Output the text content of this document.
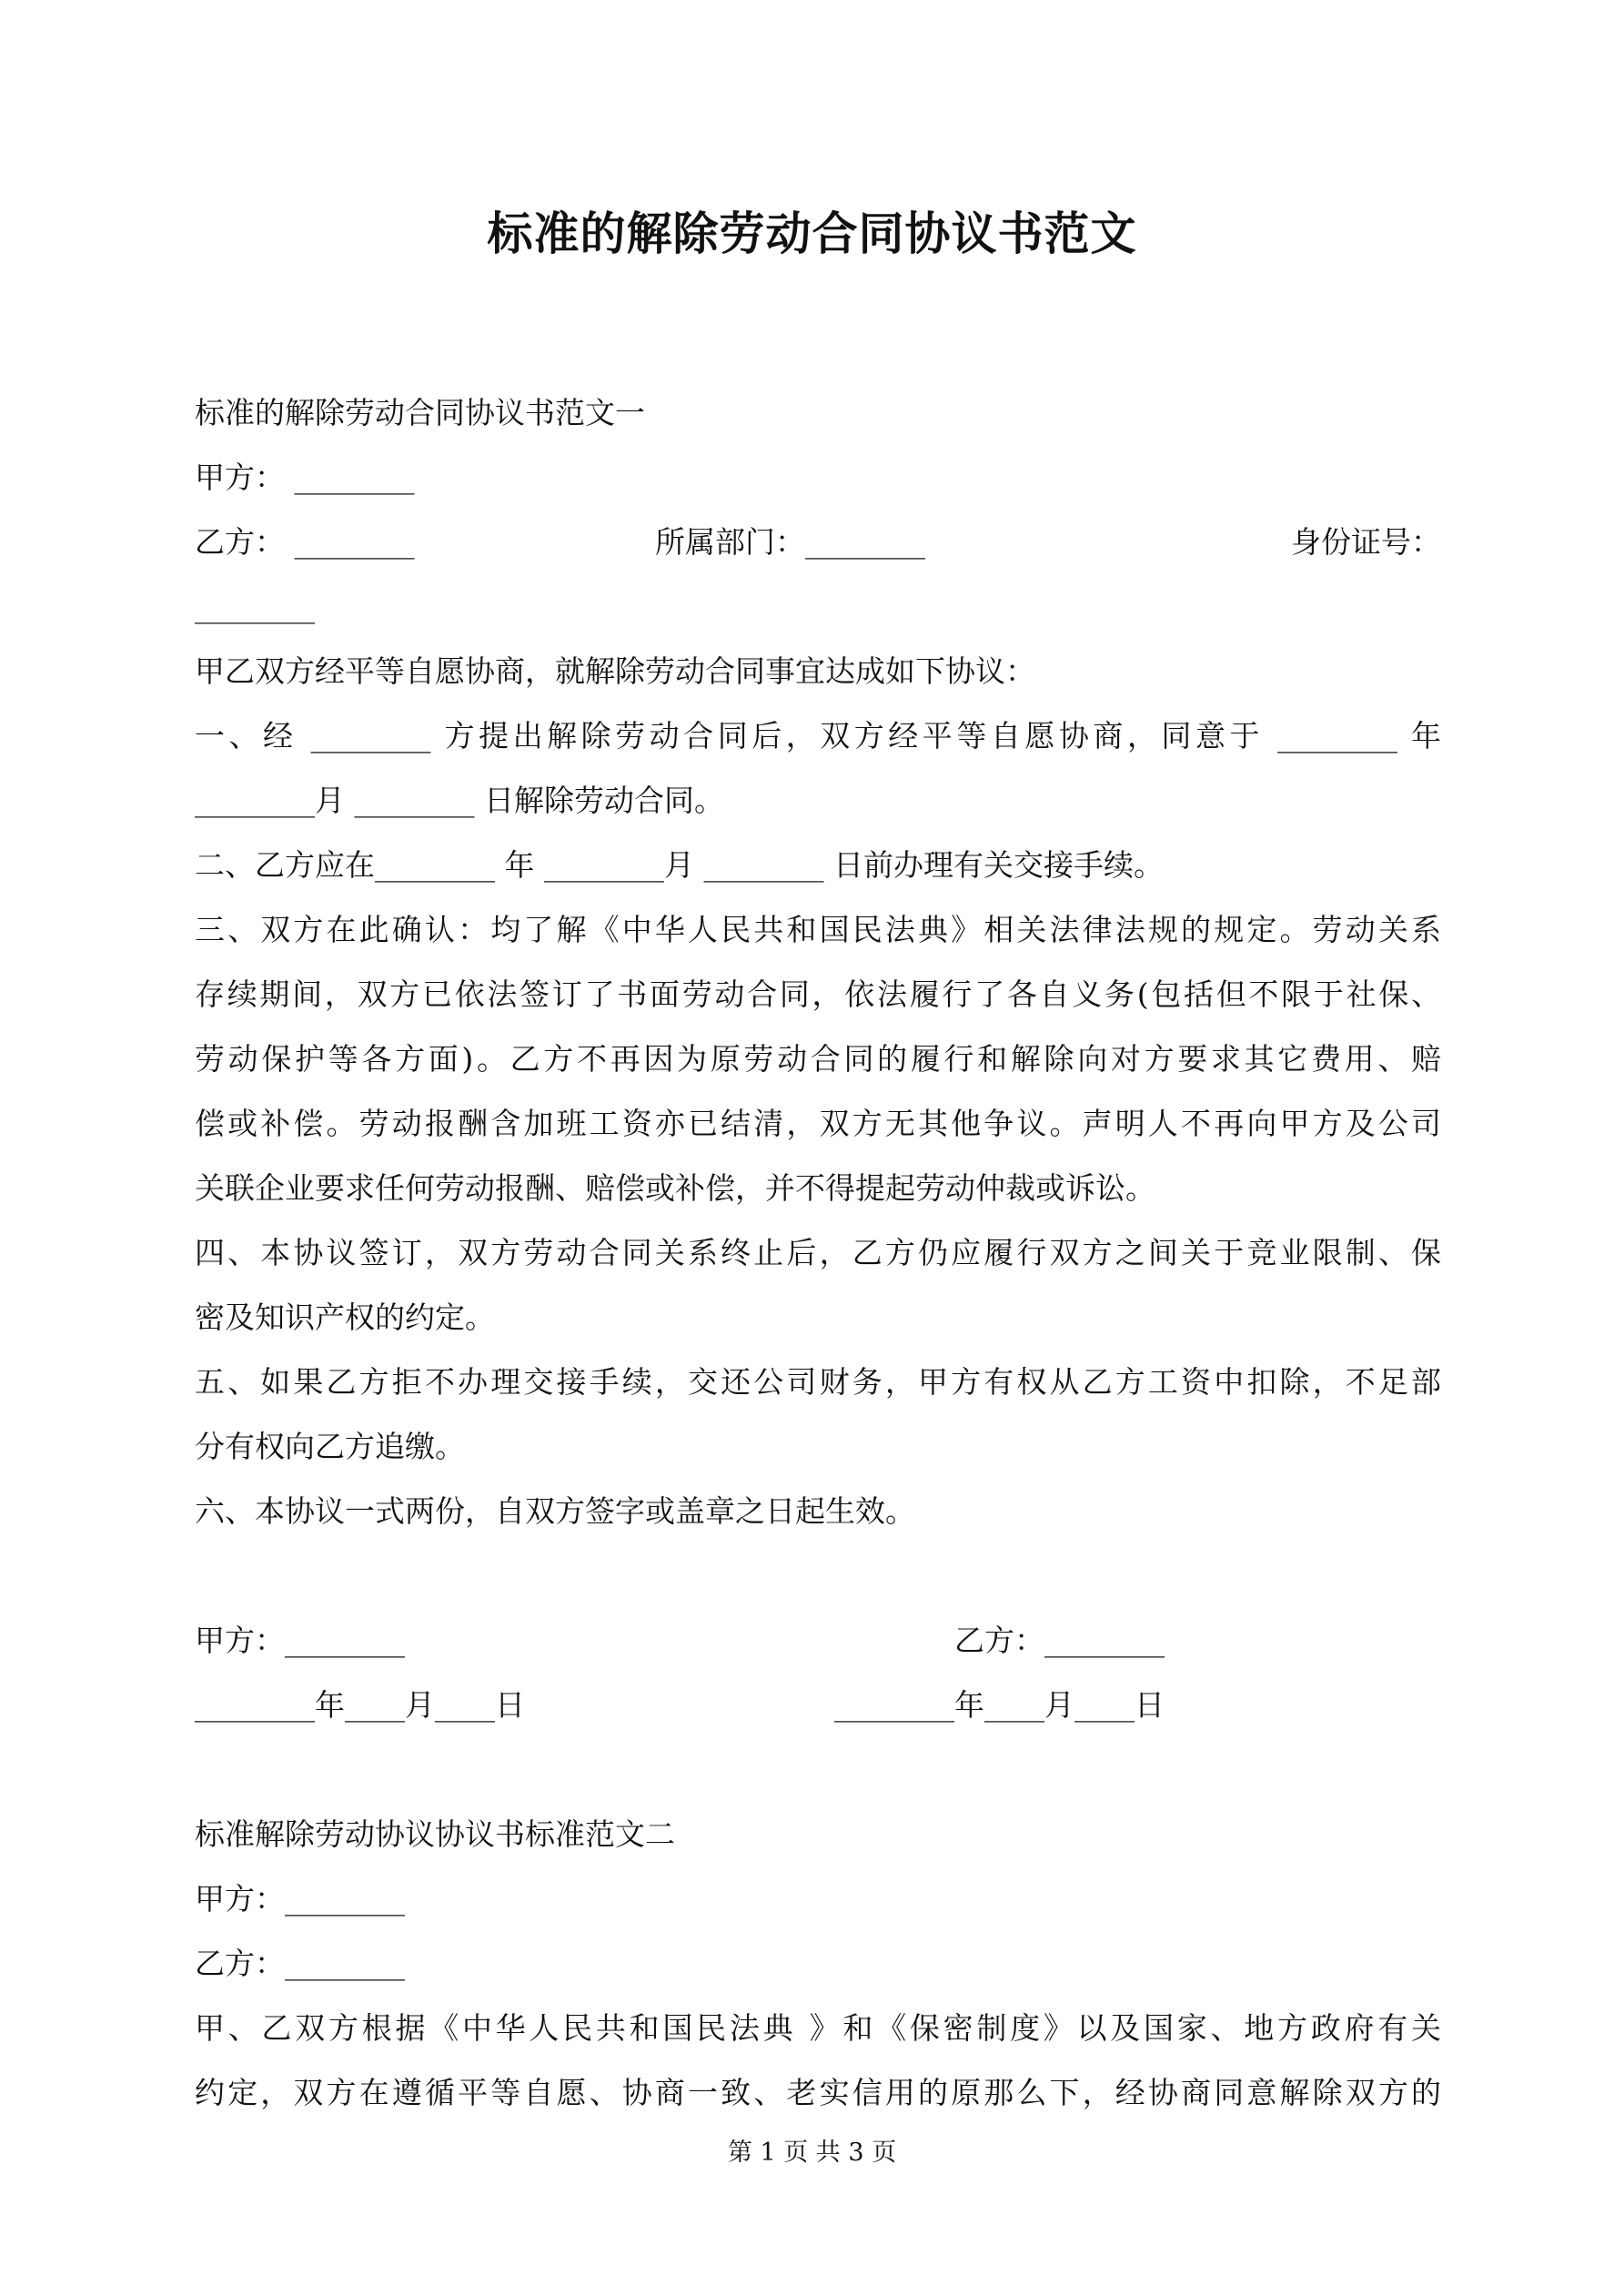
标准的解除劳动合同协议书范文
标准的解除劳动合同协议书范文一
甲方： ________
乙方： ________	所属部门：________	身份证号：
________
甲乙双方经平等自愿协商，就解除劳动合同事宜达成如下协议：
一、经 ________ 方提出解除劳动合同后，双方经平等自愿协商，同意于 ________ 年
________月 ________ 日解除劳动合同。
二、乙方应在________ 年 ________月 ________ 日前办理有关交接手续。
三、双方在此确认：均了解《中华人民共和国民法典》相关法律法规的规定。劳动关系
存续期间，双方已依法签订了书面劳动合同，依法履行了各自义务(包括但不限于社保、
劳动保护等各方面)。乙方不再因为原劳动合同的履行和解除向对方要求其它费用、赔
偿或补偿。劳动报酬含加班工资亦已结清，双方无其他争议。声明人不再向甲方及公司
关联企业要求任何劳动报酬、赔偿或补偿，并不得提起劳动仲裁或诉讼。
四、本协议签订，双方劳动合同关系终止后，乙方仍应履行双方之间关于竞业限制、保
密及知识产权的约定。
五、如果乙方拒不办理交接手续，交还公司财务，甲方有权从乙方工资中扣除，不足部
分有权向乙方追缴。
六、本协议一式两份，自双方签字或盖章之日起生效。
甲方：________	乙方：________
________年____月____日	________年____月____日
标准解除劳动协议协议书标准范文二
甲方：________
乙方：________
甲、乙双方根据《中华人民共和国民法典 》和《保密制度》以及国家、地方政府有关
约定，双方在遵循平等自愿、协商一致、老实信用的原那么下，经协商同意解除双方的
第 1 页 共 3 页
